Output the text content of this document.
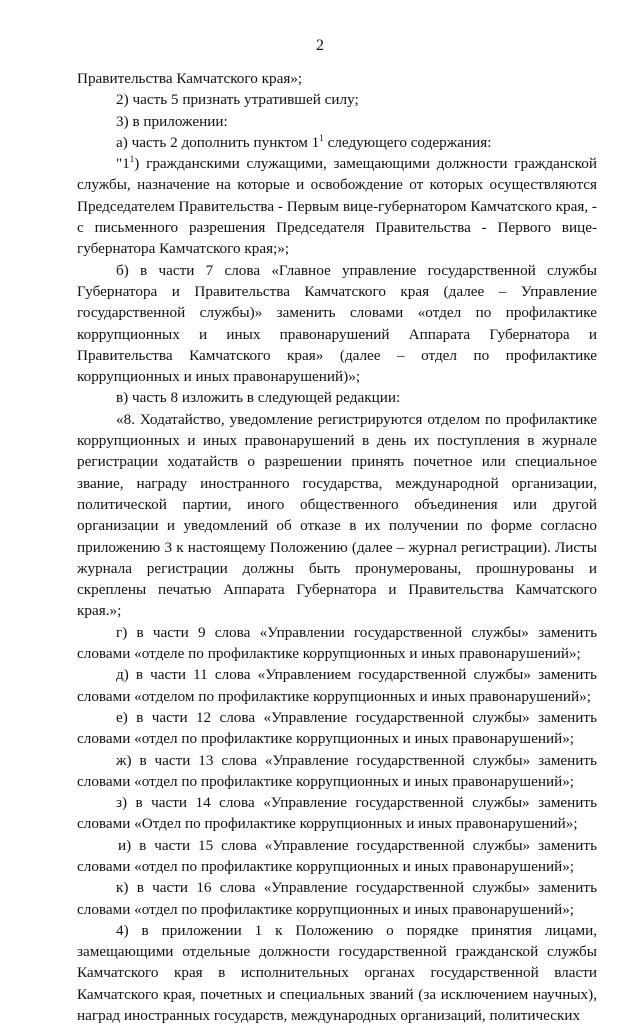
2

Правительства Камчатского края»;

2) часть 5 признать утратившей силу;

3) в приложении:

а) часть 2 дополнить пунктом $1^1$ следующего содержания:

"$1^1$) гражданскими служащими, замещающими должности гражданской службы, назначение на которые и освобождение от которых осуществляются Председателем Правительства - Первым вице-губернатором Камчатского края, - с письменного разрешения Председателя Правительства - Первого вице-губернатора Камчатского края;»;

б) в части 7 слова «Главное управление государственной службы Губернатора и Правительства Камчатского края (далее – Управление государственной службы)» заменить словами «отдел по профилактике коррупционных и иных правонарушений Аппарата Губернатора и Правительства Камчатского края» (далее – отдел по профилактике коррупционных и иных правонарушений)»;

в) часть 8 изложить в следующей редакции:

«8. Ходатайство, уведомление регистрируются отделом по профилактике коррупционных и иных правонарушений в день их поступления в журнале регистрации ходатайств о разрешении принять почетное или специальное звание, награду иностранного государства, международной организации, политической партии, иного общественного объединения или другой организации и уведомлений об отказе в их получении по форме согласно приложению 3 к настоящему Положению (далее – журнал регистрации). Листы журнала регистрации должны быть пронумерованы, прошнурованы и скреплены печатью Аппарата Губернатора и Правительства Камчатского края.»;

г) в части 9 слова «Управлении государственной службы» заменить словами «отделе по профилактике коррупционных и иных правонарушений»;

д) в части 11 слова «Управлением государственной службы» заменить словами «отделом по профилактике коррупционных и иных правонарушений»;

е) в части 12 слова «Управление государственной службы» заменить словами «отдел по профилактике коррупционных и иных правонарушений»;

ж) в части 13 слова «Управление государственной службы» заменить словами «отдел по профилактике коррупционных и иных правонарушений»;

з) в части 14 слова «Управление государственной службы» заменить словами «Отдел по профилактике коррупционных и иных правонарушений»;

и) в части 15 слова «Управление государственной службы» заменить словами «отдел по профилактике коррупционных и иных правонарушений»;

к) в части 16 слова «Управление государственной службы» заменить словами «отдел по профилактике коррупционных и иных правонарушений»;

4) в приложении 1 к Положению о порядке принятия лицами, замещающими отдельные должности государственной гражданской службы Камчатского края в исполнительных органах государственной власти Камчатского края, почетных и специальных званий (за исключением научных), наград иностранных государств, международных организаций, политических
